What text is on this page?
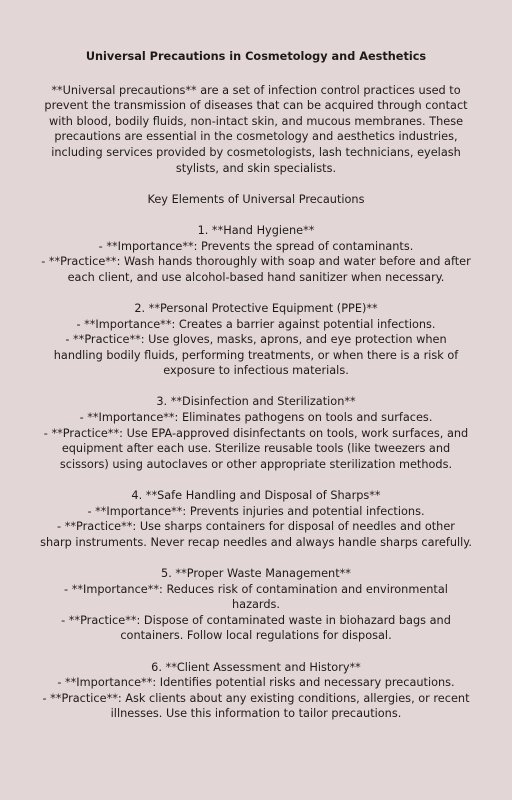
Universal Precautions in Cosmetology and Aesthetics

**Universal precautions** are a set of infection control practices used to prevent the transmission of diseases that can be acquired through contact with blood, bodily fluids, non-intact skin, and mucous membranes. These precautions are essential in the cosmetology and aesthetics industries, including services provided by cosmetologists, lash technicians, eyelash stylists, and skin specialists.

Key Elements of Universal Precautions
1. **Hand Hygiene**
- **Importance**: Prevents the spread of contaminants.
- **Practice**: Wash hands thoroughly with soap and water before and after each client, and use alcohol-based hand sanitizer when necessary.
2. **Personal Protective Equipment (PPE)**
- **Importance**: Creates a barrier against potential infections.
- **Practice**: Use gloves, masks, aprons, and eye protection when handling bodily fluids, performing treatments, or when there is a risk of exposure to infectious materials.
3. **Disinfection and Sterilization**
- **Importance**: Eliminates pathogens on tools and surfaces.
- **Practice**: Use EPA-approved disinfectants on tools, work surfaces, and equipment after each use. Sterilize reusable tools (like tweezers and scissors) using autoclaves or other appropriate sterilization methods.
4. **Safe Handling and Disposal of Sharps**
- **Importance**: Prevents injuries and potential infections.
- **Practice**: Use sharps containers for disposal of needles and other sharp instruments. Never recap needles and always handle sharps carefully.
5. **Proper Waste Management**
- **Importance**: Reduces risk of contamination and environmental hazards.
- **Practice**: Dispose of contaminated waste in biohazard bags and containers. Follow local regulations for disposal.
6. **Client Assessment and History**
- **Importance**: Identifies potential risks and necessary precautions.
- **Practice**: Ask clients about any existing conditions, allergies, or recent illnesses. Use this information to tailor precautions.
